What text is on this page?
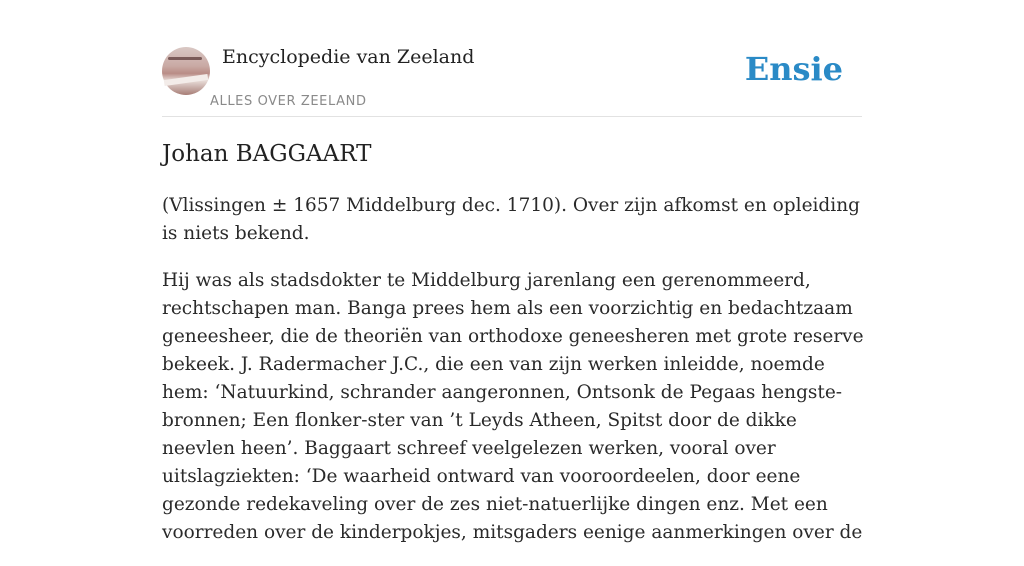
Encyclopedie van Zeeland
ALLES OVER ZEELAND
Ensie
Johan BAGGAART

(Vlissingen ± 1657 Middelburg dec. 1710). Over zijn afkomst en opleiding is niets bekend.

Hij was als stadsdokter te Middelburg jarenlang een gerenommeerd, rechtschapen man. Banga prees hem als een voorzichtig en bedachtzaam geneesheer, die de theoriën van orthodoxe geneesheren met grote reserve bekeek. J. Radermacher J.C., die een van zijn werken inleidde, noemde hem: ‘Natuurkind, schrander aangeronnen, Ontsonk de Pegaas hengste-bronnen; Een flonker-ster van ’t Leyds Atheen, Spitst door de dikke neevlen heen’. Baggaart schreef veelgelezen werken, vooral over uitslagziekten: ‘De waarheid ontward van vooroordeelen, door eene gezonde redekaveling over de zes niet-natuerlijke dingen enz. Met een voorreden over de kinderpokjes, mitsgaders eenige aanmerkingen over de
